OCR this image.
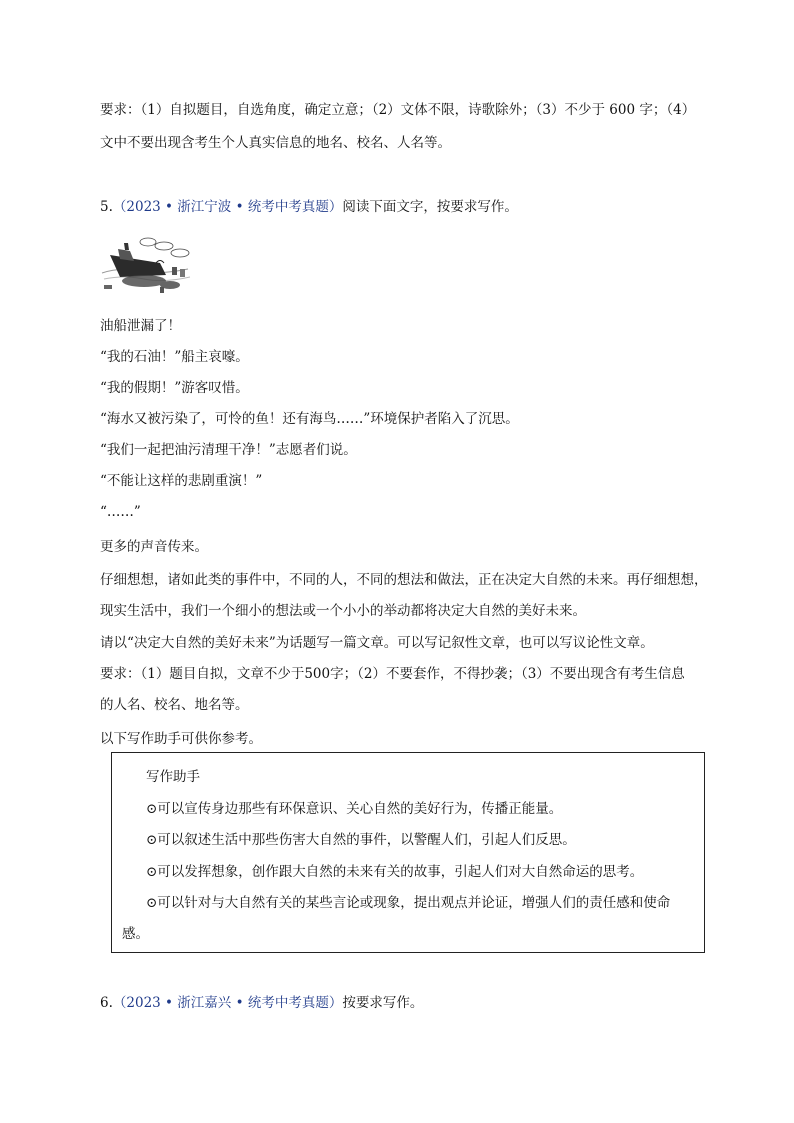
要求：（1）自拟题目，自选角度，确定立意；（2）文体不限，诗歌除外；（3）不少于 600 字；（4）
文中不要出现含考生个人真实信息的地名、校名、人名等。
5.（2023 • 浙江宁波 • 统考中考真题）阅读下面文字，按要求写作。
油船泄漏了！
“我的石油！”船主哀嚎。
“我的假期！”游客叹惜。
“海水又被污染了，可怜的鱼！还有海鸟……”环境保护者陷入了沉思。
“我们一起把油污清理干净！”志愿者们说。
“不能让这样的悲剧重演！”
“……”
更多的声音传来。
仔细想想，诸如此类的事件中，不同的人，不同的想法和做法，正在决定大自然的未来。再仔细想想，
现实生活中，我们一个细小的想法或一个小小的举动都将决定大自然的美好未来。
请以“决定大自然的美好未来”为话题写一篇文章。可以写记叙性文章，也可以写议论性文章。
要求：（1）题目自拟，文章不少于500字；（2）不要套作，不得抄袭；（3）不要出现含有考生信息
的人名、校名、地名等。
以下写作助手可供你参考。
写作助手
⊙可以宣传身边那些有环保意识、关心自然的美好行为，传播正能量。
⊙可以叙述生活中那些伤害大自然的事件，以警醒人们，引起人们反思。
⊙可以发挥想象，创作跟大自然的未来有关的故事，引起人们对大自然命运的思考。
⊙可以针对与大自然有关的某些言论或现象，提出观点并论证，增强人们的责任感和使命
感。
6.（2023 • 浙江嘉兴 • 统考中考真题）按要求写作。
